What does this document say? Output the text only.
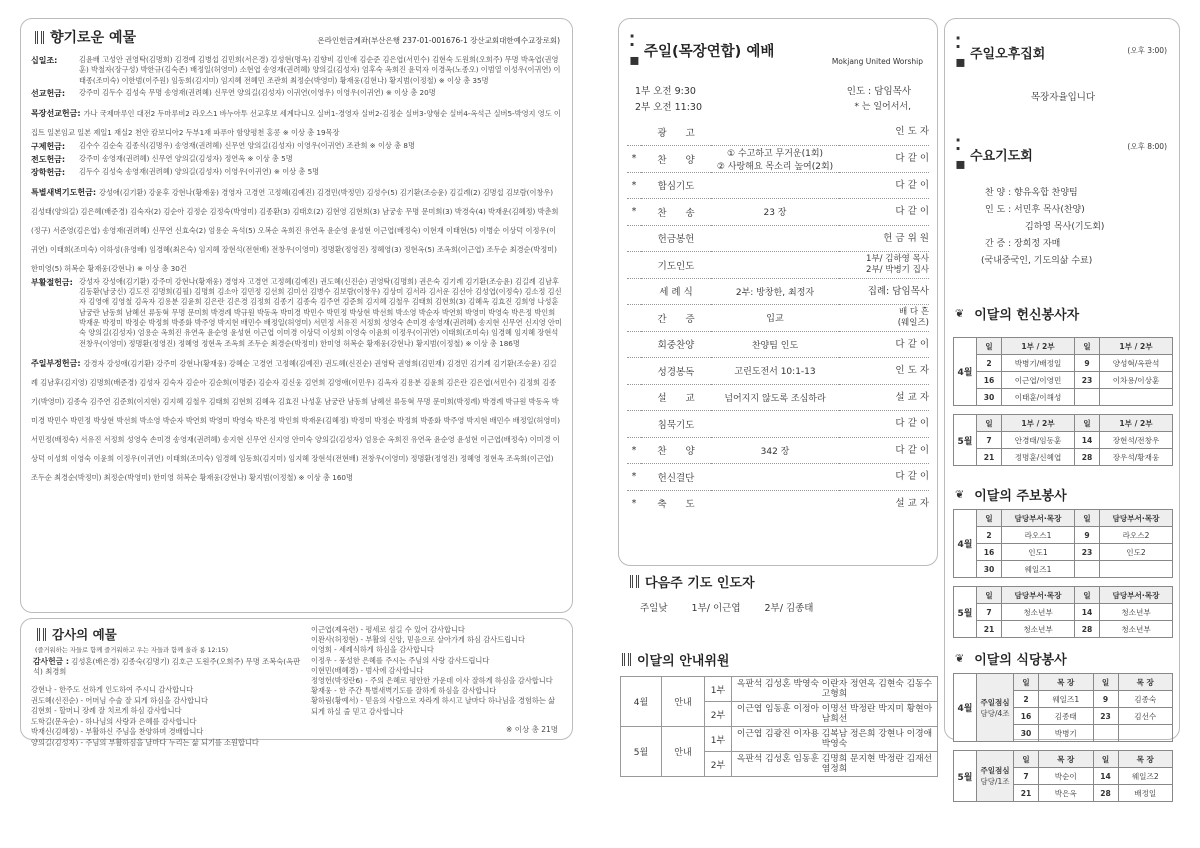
향기로운 예물	온라인헌금계좌(부산은행 237-01-001676-1 장산교회대한예수교장로회)
십일조:	김윤배 고성안 권영탁(김명희) 김경예 김병섭 김민희(서은경) 김성현(명옥) 김향비 김인애 김순준 김은엽(서민수) 김현숙 도원희(오희주) 무명 박옥엽(권영훈) 박철자(장구성) 박한규(김숙존) 배정일(허영미) 소현엽 송영재(권려혜) 양의길(김성자) 엄후숙 옥희진 윤덕자 이경옥(노종오) 이범열 이성우(이귀연) 이태종(조미숙) 이한범(이주원) 임동희(김지미) 임지혜 전혜민 조관희 최정순(박영미) 황재웅(김현나) 황지범(이정철) ※ 이상 총 35명
선교헌금:	강주미 김두수 김성숙 무명 송영재(권려혜) 신무연 양의길(김성자) 이귀연(이영우) 이영우(이귀연) ※ 이상 총 20명
목장선교헌금: 가나 국제마루인 대전2 두마루비2 라오스1 바누아투 선교후보 세계다니오 실버1-경영자 실버2-김정순 실버3-양형순 실버4-옥석근 실버5-박영지 영도 이집트 일본임교 일본 제일1 재실2 천안 캄보디아2 두부1재 파푸아 함양평천 홍콩 ※ 이상 총 19목장
구제헌금:	김수수 김순숙 김종식(김명우) 송영재(권려혜) 신무연 양의길(김성자) 이영우(이귀연) 조관희 ※ 이상 총 8명
전도헌금:	강주미 송영재(권려혜) 신무연 양의길(김성자) 정연옥 ※ 이상 총 5명
장학헌금:	김두수 김성숙 송영재(권려혜) 양의길(김성자) 이영우(이귀연) ※ 이상 총 5명
특별새벽기도헌금: 강성애(김기환) 강윤후 강현나(황재웅) 경영자 고경연 고정혜(김예진) 김경민(박정민) 김성수(5) 김기환(조승윤) 김길례(2) 김명섭 김보람(이창우) 김성태(양의길) 김은혜(배준경) 김숙자(2) 김순아 김정순 김정숙(박영미) 김종환(3) 김태호(2) 김현영 김현희(3) 남궁송 무명 문미희(3) 박경숙(4) 박재운(김혜정) 박춘희(정구) 서준영(김은엽) 송영재(권려혜) 신무연 신효숙(2) 엄용순 옥석(5) 오복순 옥희진 유연옥 윤순영 윤성현 이근엽(배정숙) 이현재 이태현(5) 이병순 이상덕 이정우(이귀연) 이태희(조미숙) 이하성(유영배) 임경혜(최은숙) 임지혜 장현석(전현배) 전창우(이영미) 정명환(정영진) 정혜영(3) 정현옥(5) 조옥희(이근엽) 조두순 최경순(박정미) 한미영(5) 허복순 황재웅(강현나) ※ 이상 총 30건
부활절헌금: 강성자 강성애(김기환) 강주미 강현나(황재웅) 경영자 고경연 고정혜(김예진) 권도혜(신진순) 권영탁(김명희) 권은숙 김기례 김기환(조승윤) 김길례 김남후 김동환(남궁신) 김도진 김명희(김필) 김명희 김소아 김민정 김선희 김미선 김병수 김보람(이창우) 김상미 김서라 김서운 김선아 김성엽(이정숙) 김소정 김신자 김영애 김영철 김옥자 김용분 김윤희 김은란 김은경 김정희 김종기 김종숙 김주연 김준희 김지혜 김철우 김태희 김현희(3) 김혜옥 김효진 김희영 나성훈 남궁란 남동희 남혜선 류동혁 무명 문미희 박경례 박규원 박동옥 박미경 박민수 박민정 박상현 박선희 박소영 박순자 박연희 박영미 박영숙 박은정 박인희 박재운 박정미 박정순 박정희 박종화 박주영 박지현 배민수 배정일(허영미) 서민정 서유진 서정희 성영숙 손미경 송영재(권려혜) 송지현 신무연 신지영 안미숙 양의길(김성자) 엄용순 옥희진 유연옥 윤순영 윤성현 이근엽 이미경 이상덕 이성희 이영숙 이윤희 이정우(이귀연) 이태희(조미숙) 임경혜 임지혜 장현석 전창우(이영미) 정명환(정영진) 정혜영 정현옥 조옥희 조두순 최경순(박정미) 한미영 허복순 황재웅(강현나) 황지범(이정철) ※ 이상 총 186명
주일부정헌금: 강경자 강성애(김기환) 강주미 강현나(황재웅) 강혜순 고경연 고정혜(김예진) 권도혜(신진순) 권영탁 권영희(김민재) 김경민 김기례 김기환(조승윤) 김길례 김남후(김지영) 김명희(배준경) 김성자 김숙자 김순아 김순희(이명준) 김순자 김신웅 김연희 김영애(이민우) 김옥자 김용분 김윤희 김은란 김은엽(서민수) 김정희 김종기(박영미) 김종숙 김주연 김준희(이지현) 김지혜 김철우 김태희 김현희 김혜옥 김효진 나성훈 남궁란 남동희 남혜선 류동혁 무명 문미희(박정례) 박경례 박규원 박동옥 박미경 박민수 박민정 박상현 박선희 박소영 박순자 박연희 박영미 박영숙 박은정 박인희 박재운(김혜정) 박정미 박정순 박정희 박종화 박주영 박지현 배민수 배정일(허영미) 서민정(배정숙) 서유진 서정희 성영숙 손미경 송영재(권려혜) 송지현 신무연 신지영 안미숙 양의길(김성자) 엄용순 옥희진 유연옥 윤순영 윤성현 이근엽(배정숙) 이미경 이상덕 이성희 이영숙 이윤희 이정우(이귀연) 이태희(조미숙) 임경혜 임동희(김지미) 임지혜 장현석(전현배) 전창우(이영미) 정명환(정영진) 정혜영 정현옥 조옥희(이근엽) 조두순 최경순(박정미) 최정순(박영미) 한미영 허복순 황재웅(강현나) 황지범(이정철) ※ 이상 총 160명
감사의 예물
(즐거워하는 자들로 함께 즐거워하고 우는 자들과 함께 울라 롬 12:15)
감사헌금 : 김성혼(배은경) 김종숙(김명기) 김호근 도원주(오희주) 무명 조복숙(옥판석) 최경희
강현나 - 한주도 선하게 인도하여 주시니 감사합니다
권도혜(신진순) - 어머님 수술 잘 되게 하심을 감사합니다
김현희 - 할머니 장례 잘 치르게 하심 감사합니다
도학길(문옥순) - 하나님의 사랑과 은혜를 감사합니다
박재신(김혜정) - 부활하신 주님을 찬양하며 경배합니다
양의길(김성자) - 주님의 부활하심을 날마다 누리는 삶 되기를 소원합니다
이근엽(제옥련) - 평세로 섬길 수 있어 감사합니다
이완사(허정현) - 부활의 신앙, 믿음으로 살아가게 하심 감사드립니다
이영희 - 세례식하게 하심을 감사합니다
이정우 - 풍성한 은혜를 주시는 주님의 사랑 감사드립니다
이현민(배혜경) - 범사에 감사합니다
정영헌(박정란6) - 주의 은혜로 평안한 가운데 이사 잘하게 하심을 감사합니다
황재웅 - 한 주간 특별새벽기도를 잘하게 하심을 감사합니다
황하림(황예서) - 믿음의 사람으로 자라게 하시고 날마다 하나님을 경험하는 삶 되게 하실 줄 믿고 감사합니다
※ 이상 총 21명
⁚▪ 주일(목장연합) 예배
Mokjang United Worship
1부 오전 9:30
2부 오전 11:30
인도 : 담임목사
* 는 일어서서,
	광　　고		인 도 자
*	찬　　양	① 수고하고 무거운(1회)
② 사랑해요 목소리 높여(2회)	다 같 이
*	합심기도		다 같 이
*	찬　　송	23 장	다 같 이
	헌금봉헌		헌 금 위 원
	기도인도		1부/ 김하영 목사
2부/ 박병기 집사
	세 례 식	2부: 방창한, 최정자	집례: 담임목사
	간　　증	입교	배 다 흔
(웨일즈)
	회중찬양	찬양팀 인도	다 같 이
	성경봉독	고린도전서 10:1-13	인 도 자
	설　　교	넘어지지 않도록 조심하라	설 교 자
	침묵기도		다 같 이
*	찬　　양	342 장	다 같 이
*	헌신결단		다 같 이
*	축　　도		설 교 자
다음주 기도 인도자
주일낮	1부/ 이근엽	2부/ 김종태
이달의 안내위원
4월	안내	1부	옥판석 김성혼 박영숙 이란자 정연옥 김현숙 김동수 고형희
		2부	이근엽 임동훈 이정아 이명선 박정란 박지미 황현아 남희선
5월	안내	1부	이근엽 김광진 이자용 김복남 정은희 강현나 이경애 박영숙
		2부	옥판석 김성혼 임동훈 김명희 문지현 박정란 김재선 염정희
⁚▪ 주일오후집회	(오후 3:00)
목장자율입니다
⁚▪ 수요기도회
(오후 8:00)
찬 양 : 향유옥합 찬양팀
인 도 : 서민후 목사(찬양)
김하영 목사(기도회)
간 증 : 장희정 자매
(국내중국인, 기도의삶 수료)
❦ 이달의 헌신봉사자
4월	일	1부 / 2부	일	1부 / 2부
	2	박병기/배정일	9	양성혁/옥판석
	16	이근엽/이영민	23	이차용/이상훈
	30	이태훈/이해성		

5월	일	1부 / 2부	일	1부 / 2부
	7	안경태/임동훈	14	장현석/전창우
	21	정명훈/신혜엽	28	장우석/황재웅
❦ 이달의 주보봉사
4월	일	담당부서·목장	일	담당부서·목장
	2	라오스1	9	라오스2
	16	인도1	23	인도2
	30	웨일즈1		

5월	일	담당부서·목장	일	담당부서·목장
	7	청소년부	14	청소년부
	21	청소년부	28	청소년부
❦ 이달의 식당봉사
4월	주일점심
담당/4조	일	목 장	일	목 장
		2	웨일즈1	9	김종숙
		16	김종태	23	김선수
		30	박병기		

5월	주일점심
담당/1조	일	목 장	일	목 장
		7	박순이	14	웨일즈2
		21	박은옥	28	배정일
